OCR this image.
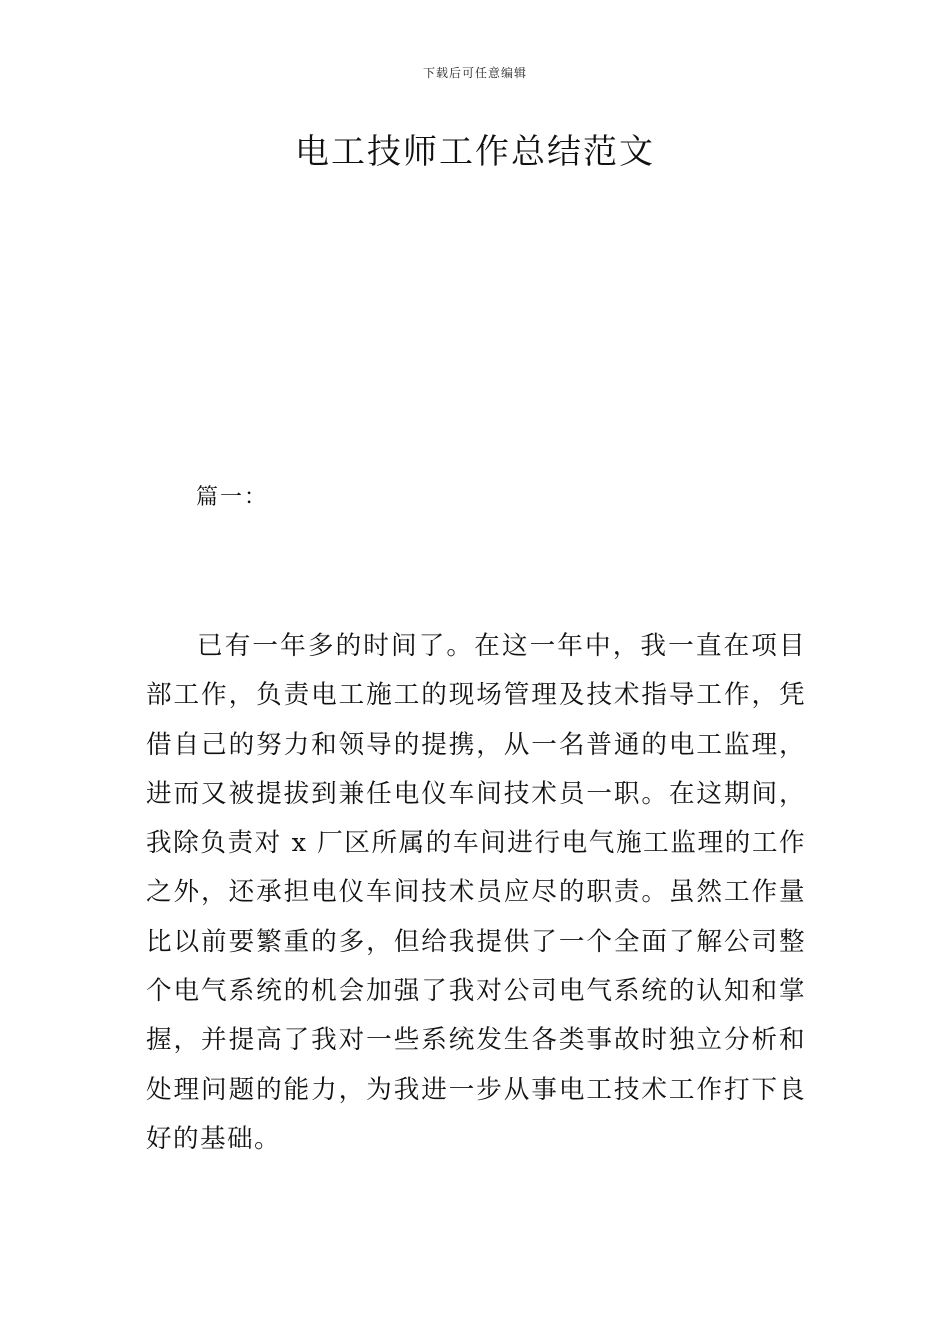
下载后可任意编辑
电工技师工作总结范文
篇一：

已有一年多的时间了。在这一年中，我一直在项目部工作，负责电工施工的现场管理及技术指导工作，凭借自己的努力和领导的提携，从一名普通的电工监理，进而又被提拔到兼任电仪车间技术员一职。在这期间，我除负责对 x 厂区所属的车间进行电气施工监理的工作之外，还承担电仪车间技术员应尽的职责。虽然工作量比以前要繁重的多，但给我提供了一个全面了解公司整个电气系统的机会加强了我对公司电气系统的认知和掌握，并提高了我对一些系统发生各类事故时独立分析和处理问题的能力，为我进一步从事电工技术工作打下良好的基础。
